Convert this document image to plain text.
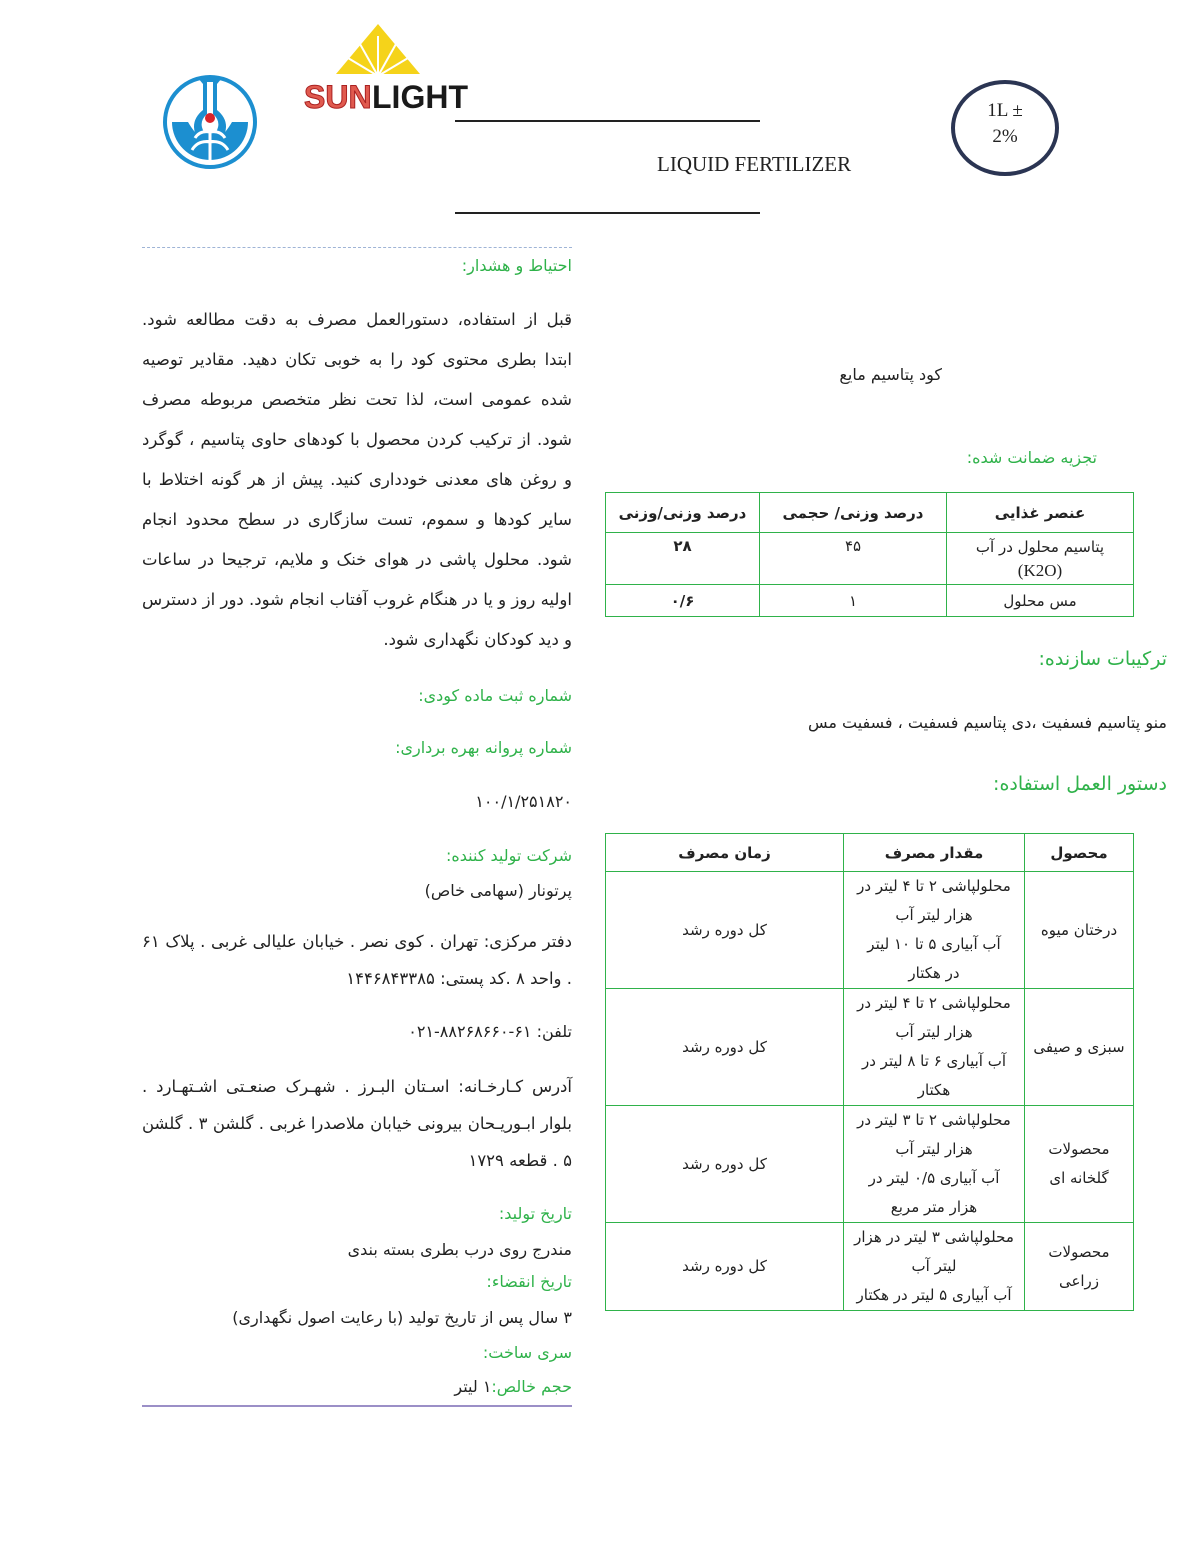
SUN LIGHT
LIQUID FERTILIZER
1L ±
2%
احتیاط و هشدار:

قبل از استفاده، دستورالعمل مصرف به دقت مطالعه شود. ابتدا بطری محتوی کود را به خوبی تکان دهید. مقادیر توصیه شده عمومی است، لذا تحت نظر متخصص مربوطه مصرف شود. از ترکیب کردن محصول با کودهای حاوی پتاسیم ، گوگرد و روغن های معدنی خودداری کنید. پیش از هر گونه اختلاط با سایر کودها و سموم، تست سازگاری در سطح محدود انجام شود. محلول پاشی در هوای خنک و ملایم، ترجیحا در ساعات اولیه روز و یا در هنگام غروب آفتاب انجام شود. دور از دسترس و دید کودکان نگهداری شود.

شماره ثبت ماده کودی:
شماره پروانه بهره برداری:
۱۰۰/۱/۲۵۱۸۲۰
شرکت تولید کننده:
پرتونار (سهامی خاص)

دفتر مرکزی: تهران . کوی نصر . خیابان علیالی غربی . پلاک ۶۱ . واحد ۸ .کد پستی: ۱۴۴۶۸۴۳۳۸۵

تلفن: ۶۱-۸۸۲۶۸۶۶۰-۰۲۱

آدرس کـارخـانه: اسـتان البـرز . شهـرک صنعـتی اشـتهـارد . بلوار ابـوریـحان بیرونی خیابان ملاصدرا غربی . گلشن ۳ . گلشن ۵ . قطعه ۱۷۲۹

تاریخ تولید:
مندرج روی درب بطری بسته بندی
تاریخ انقضاء:
۳ سال پس از تاریخ تولید (با رعایت اصول نگهداری)
سری ساخت:
حجم خالص:۱ لیتر
کود پتاسیم مایع
تجزیه ضمانت شده:
عنصر غذایی	درصد وزنی/ حجمی	درصد وزنی/وزنی

پتاسیم محلول در آب
(K2O)	۴۵	۲۸
مس محلول	۱	۰/۶
ترکیبات سازنده:
منو پتاسیم فسفیت ،دی پتاسیم فسفیت ، فسفیت مس
دستور العمل استفاده:
محصول	مقدار مصرف	زمان مصرف
درختان میوه	محلولپاشی ۲ تا ۴ لیتر در
هزار لیتر آب
آب آبیاری ۵ تا ۱۰ لیتر
در هکتار	کل دوره رشد
سبزی و صیفی	محلولپاشی ۲ تا ۴ لیتر در
هزار لیتر آب
آب آبیاری ۶ تا ۸ لیتر در
هکتار	کل دوره رشد
محصولات گلخانه ای	محلولپاشی ۲ تا ۳ لیتر در
هزار لیتر آب
آب آبیاری ۰/۵ لیتر در
هزار متر مربع	کل دوره رشد
محصولات زراعی	محلولپاشی ۳ لیتر در هزار
لیتر آب
آب آبیاری ۵ لیتر در هکتار	کل دوره رشد
